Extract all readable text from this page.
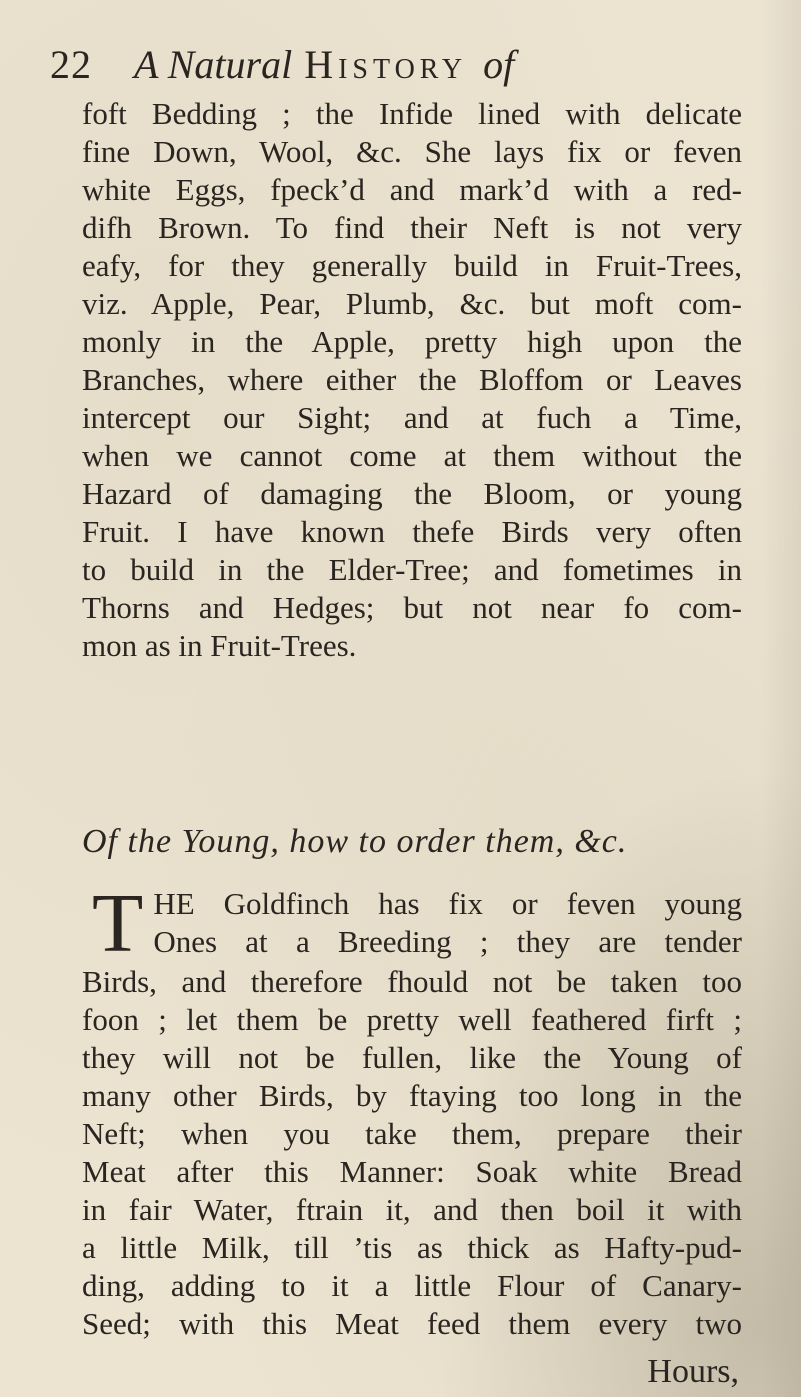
22 A Natural History of
foft Bedding ; the Infide lined with delicate
fine Down, Wool, &c. She lays fix or feven
white Eggs, fpeck’d and mark’d with a red-
difh Brown. To find their Neft is not very
eafy, for they generally build in Fruit-Trees,
viz. Apple, Pear, Plumb, &c. but moft com-
monly in the Apple, pretty high upon the
Branches, where either the Bloffom or Leaves
intercept our Sight; and at fuch a Time,
when we cannot come at them without the
Hazard of damaging the Bloom, or young
Fruit. I have known thefe Birds very often
to build in the Elder-Tree; and fometimes in
Thorns and Hedges; but not near fo com-
mon as in Fruit-Trees.
Of the Young, how to order them, &c.
T HE Goldfinch has fix or feven young
Ones at a Breeding ; they are tender
Birds, and therefore fhould not be taken too
foon ; let them be pretty well feathered firft ;
they will not be fullen, like the Young of
many other Birds, by ftaying too long in the
Neft; when you take them, prepare their
Meat after this Manner: Soak white Bread
in fair Water, ftrain it, and then boil it with
a little Milk, till ’tis as thick as Hafty-pud-
ding, adding to it a little Flour of Canary-
Seed; with this Meat feed them every two
Hours,
